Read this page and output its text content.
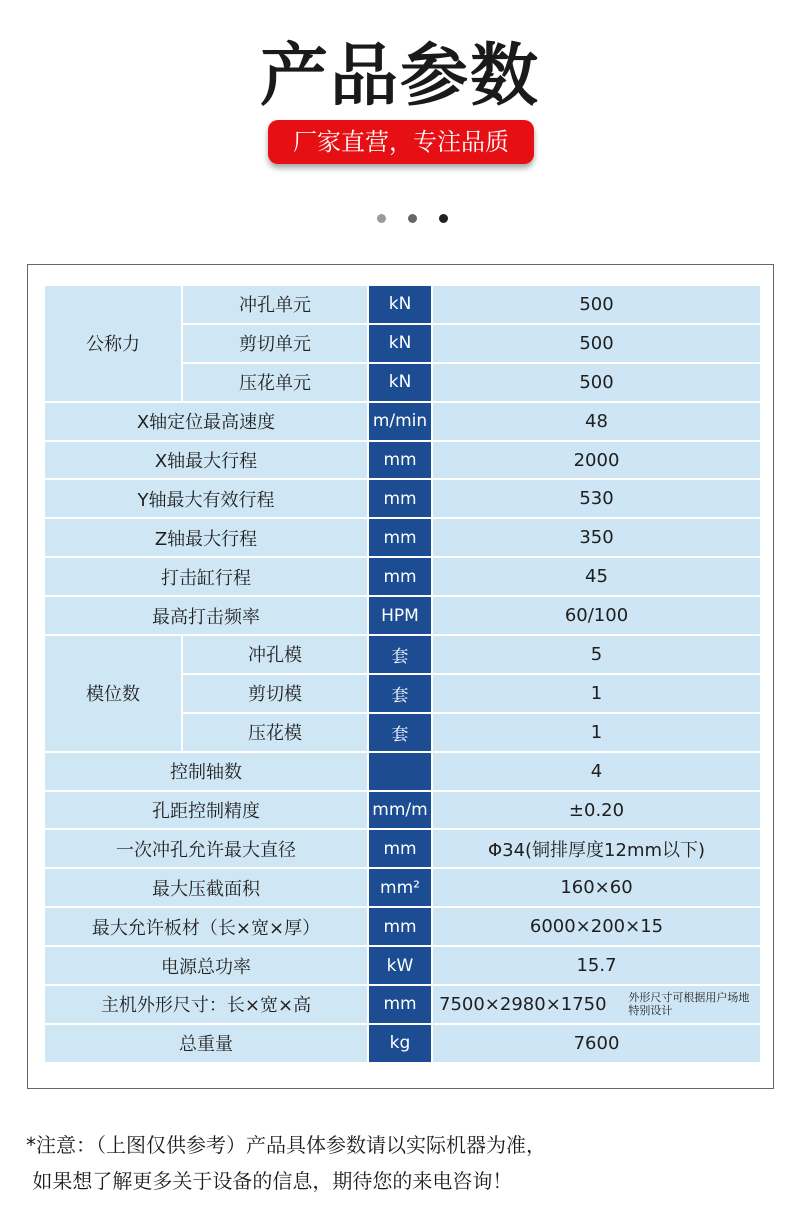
产品参数
厂家直营，专注品质
公称力	冲孔单元	kN	500
	剪切单元	kN	500
	压花单元	kN	500
X轴定位最高速度		m/min	48
X轴最大行程		mm	2000
Y轴最大有效行程		mm	530
Z轴最大行程		mm	350
打击缸行程		mm	45
最高打击频率		HPM	60/100
模位数	冲孔模	套	5
	剪切模	套	1
	压花模	套	1
控制轴数			4
孔距控制精度		mm/m	±0.20
一次冲孔允许最大直径		mm	Φ34(铜排厚度12mm以下)
最大压截面积		mm²	160×60
最大允许板材（长×宽×厚）		mm	6000×200×15
电源总功率		kW	15.7
主机外形尺寸：长×宽×高		mm	7500×2980×1750 外形尺寸可根据用户场地
特别设计
总重量		kg	7600
*注意：（上图仅供参考）产品具体参数请以实际机器为准，
如果想了解更多关于设备的信息，期待您的来电咨询！
